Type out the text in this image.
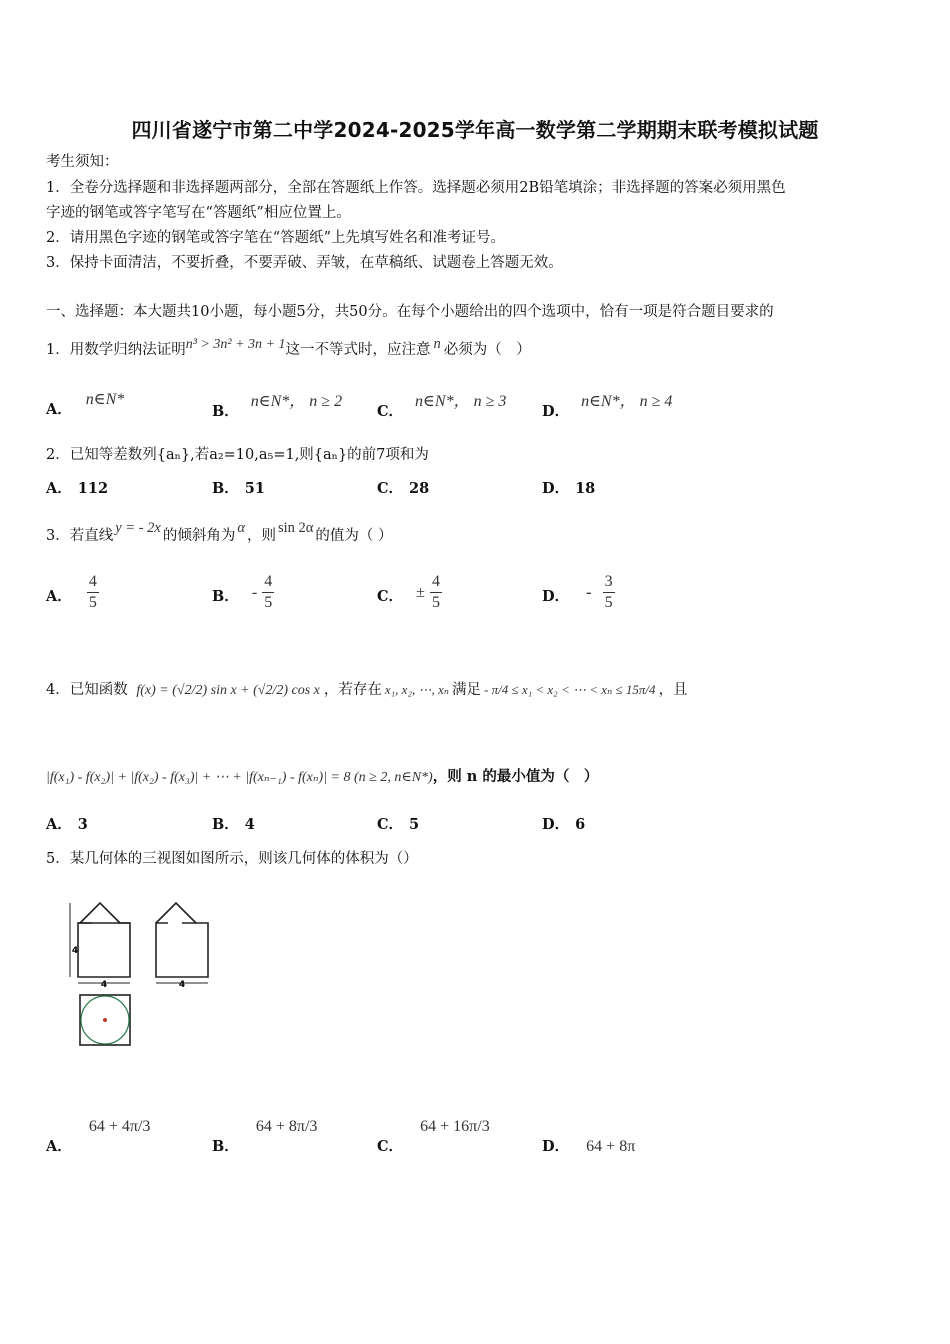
四川省遂宁市第二中学2024-2025学年高一数学第二学期期末联考模拟试题
考生须知：
1．全卷分选择题和非选择题两部分，全部在答题纸上作答。选择题必须用2B铅笔填涂；非选择题的答案必须用黑色
字迹的钢笔或答字笔写在“答题纸”相应位置上。
2．请用黑色字迹的钢笔或答字笔在“答题纸”上先填写姓名和准考证号。
3．保持卡面清洁，不要折叠，不要弄破、弄皱，在草稿纸、试题卷上答题无效。
一、选择题：本大题共10小题，每小题5分，共50分。在每个小题给出的四个选项中，恰有一项是符合题目要求的
1．用数学归纳法证明n³ > 3n² + 3n + 1这一不等式时，应注意 n 必须为（　）
A．n∈N*
B．n∈N*， n ≥ 2
C．n∈N*， n ≥ 3
D．n∈N*， n ≥ 4
2．已知等差数列{aₙ},若a₂=10,a₅=1,则{aₙ}的前7项和为
A． 112	B． 51	C． 28	D． 18
3．若直线 y = - 2x 的倾斜角为 α ，则 sin 2α 的值为（ ）
A． $\frac{4}{5}$	B． - $\frac{4}{5}$	C． ± $\frac{4}{5}$	D． - $\frac{3}{5}$
4．已知函数 f(x) = (√2/2) sin x + (√2/2) cos x ，若存在 x₁, x₂, ⋯, xₙ 满足 - π/4 ≤ x₁ < x₂ < ⋯ < xₙ ≤ 15π/4 ，且
|f(x₁) - f(x₂)| + |f(x₂) - f(x₃)| + ⋯ + |f(xₙ₋₁) - f(xₙ)| = 8 (n ≥ 2, n∈N*)，则 n 的最小值为（　）
A． 3	B． 4	C． 5	D． 6
5．某几何体的三视图如图所示，则该几何体的体积为（）
4	4
4
A． 64 + 4π/3
B． 64 + 8π/3
C． 64 + 16π/3
D． 64 + 8π
